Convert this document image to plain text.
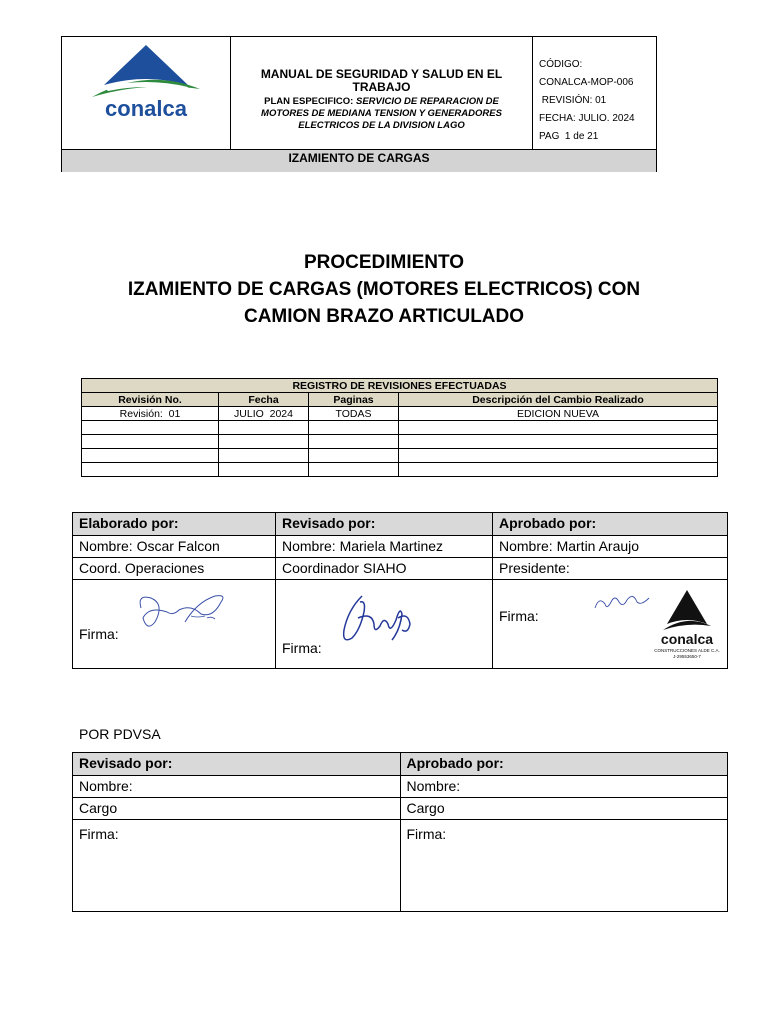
conalca
MANUAL DE SEGURIDAD Y SALUD EN EL TRABAJO
PLAN ESPECIFICO: SERVICIO DE REPARACION DE MOTORES DE MEDIANA TENSION Y GENERADORES ELECTRICOS DE LA DIVISION LAGO
CÓDIGO:
CONALCA-MOP-006
REVISIÓN: 01
FECHA: JULIO. 2024
PAG  1 de 21
IZAMIENTO DE CARGAS
PROCEDIMIENTO
IZAMIENTO DE CARGAS (MOTORES ELECTRICOS) CON
CAMION BRAZO ARTICULADO
REGISTRO DE REVISIONES EFECTUADAS			
Revisión No.	Fecha	Paginas	Descripción del Cambio Realizado
Revisión:  01	JULIO  2024	TODAS	EDICION NUEVA

Elaborado por:	Revisado por:	Aprobado por:
Nombre: Oscar Falcon	Nombre: Mariela Martinez	Nombre: Martin Araujo
Coord. Operaciones	Coordinador SIAHO	Presidente:

Firma:	Firma:	Firma:
conalca
CONSTRUCCIONES ALDE C.A.
J-29553650-7
POR PDVSA
Revisado por:	Aprobado por:
Nombre:	Nombre:
Cargo	Cargo
Firma:	Firma:
